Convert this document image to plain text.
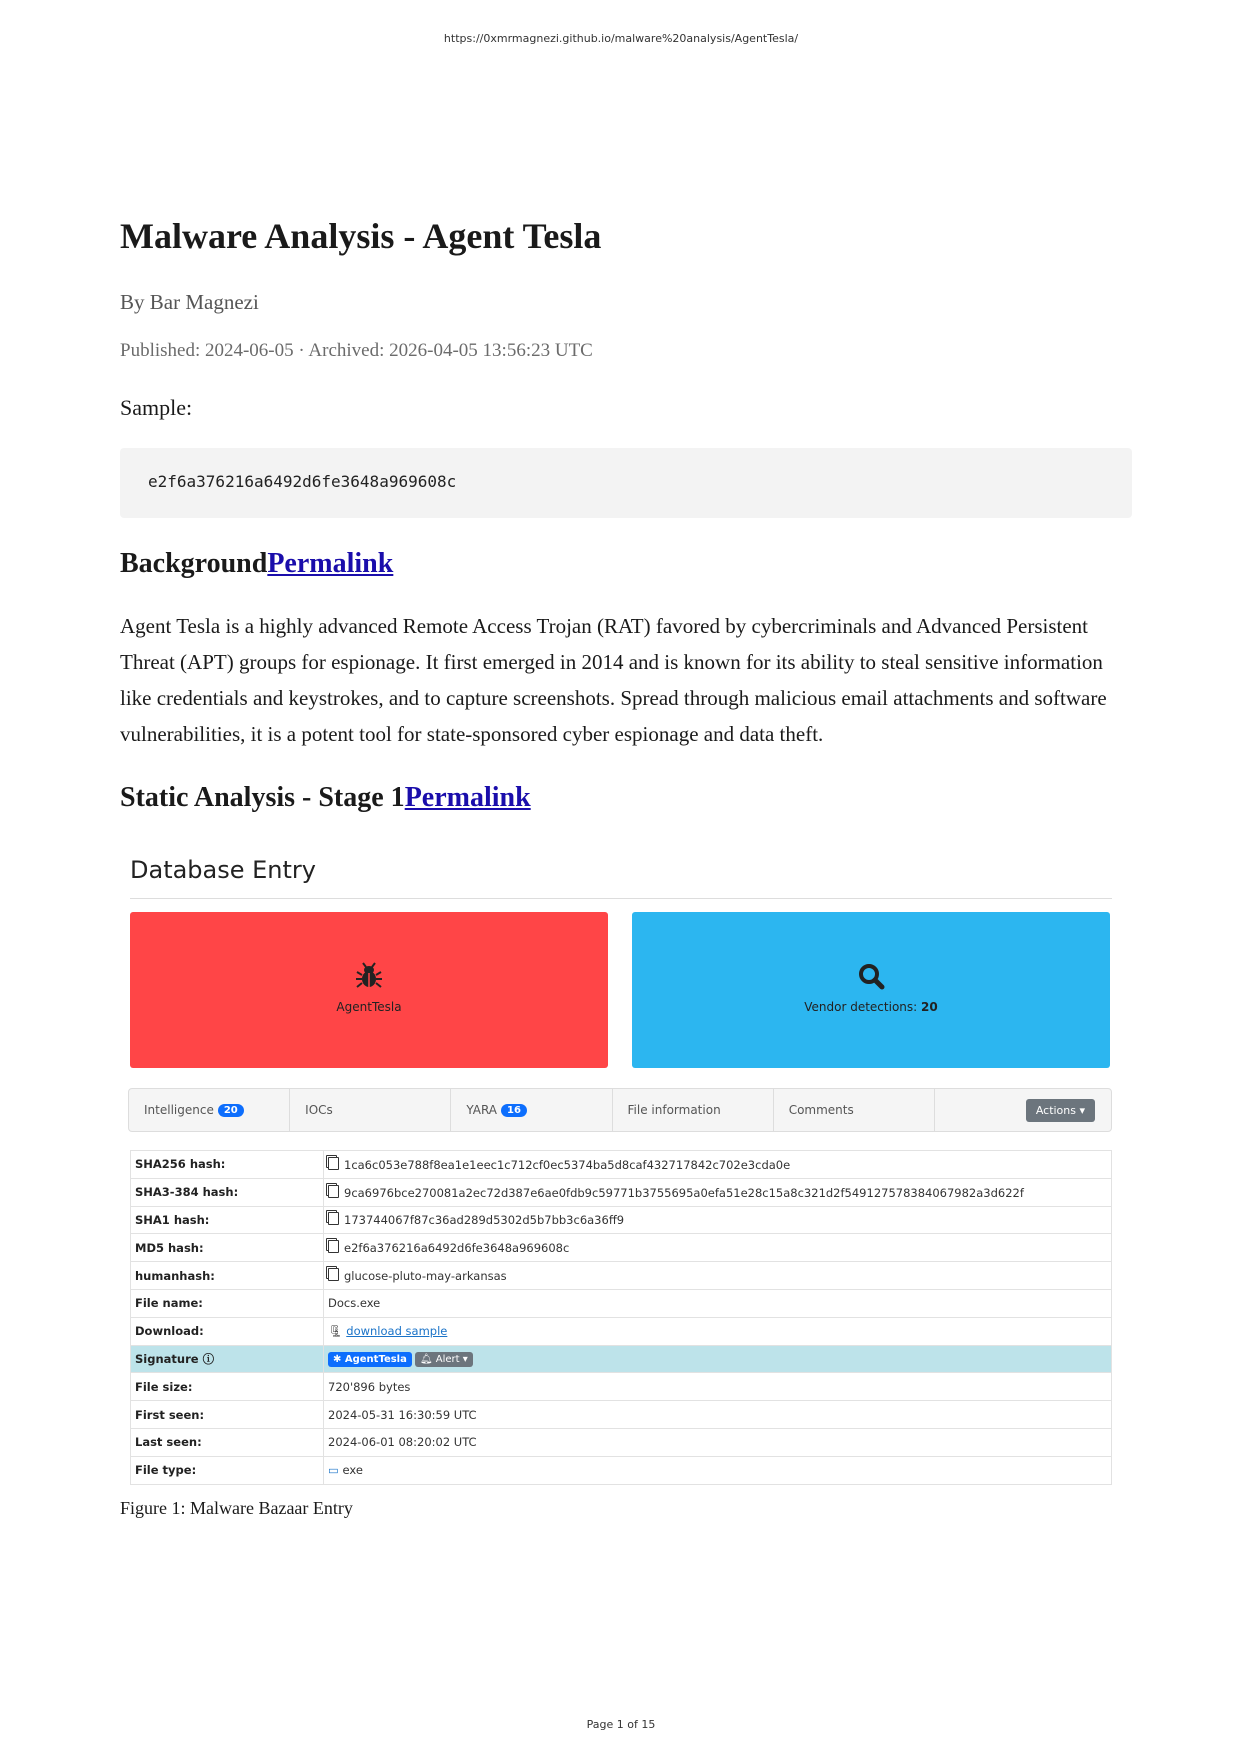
https://0xmrmagnezi.github.io/malware%20analysis/AgentTesla/
Malware Analysis - Agent Tesla
By Bar Magnezi
Published: 2024-06-05 · Archived: 2026-04-05 13:56:23 UTC
Sample:
e2f6a376216a6492d6fe3648a969608c
BackgroundPermalink

Agent Tesla is a highly advanced Remote Access Trojan (RAT) favored by cybercriminals and Advanced Persistent Threat (APT) groups for espionage. It first emerged in 2014 and is known for its ability to steal sensitive information like credentials and keystrokes, and to capture screenshots. Spread through malicious email attachments and software vulnerabilities, it is a potent tool for state-sponsored cyber espionage and data theft.

Static Analysis - Stage 1Permalink
Database Entry
AgentTesla	Vendor detections: 20
Intelligence	20	IOCs	YARA	16	File information	Comments	Actions ▾
SHA256 hash:	1ca6c053e788f8ea1e1eec1c712cf0ec5374ba5d8caf432717842c702e3cda0e
SHA3-384 hash:	9ca6976bce270081a2ec72d387e6ae0fdb9c59771b3755695a0efa51e28c15a8c321d2f549127578384067982a3d622f
SHA1 hash:	173744067f87c36ad289d5302d5b7bb3c6a36ff9
MD5 hash:	e2f6a376216a6492d6fe3648a969608c
humanhash:	glucose-pluto-may-arkansas
File name:	Docs.exe
Download:	🗜 download sample
Signature ⓘ	✱ AgentTesla 🔔︎ Alert ▾
File size:	720'896 bytes
First seen:	2024-05-31 16:30:59 UTC
Last seen:	2024-06-01 08:20:02 UTC
File type:	▭ exe
Figure 1: Malware Bazaar Entry
Page 1 of 15
